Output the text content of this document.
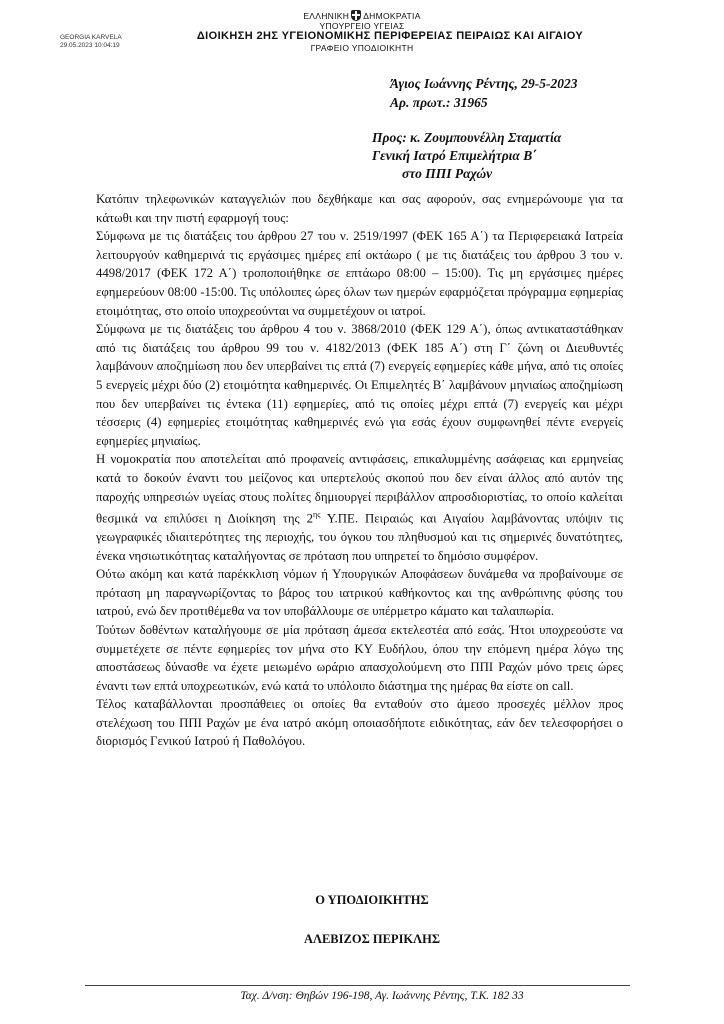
GEORGIA KARVELA
29.05.2023 10:04:19
ΕΛΛΗΝΙΚΗ ΔΗΜΟΚΡΑΤΙΑ
ΥΠΟΥΡΓΕΙΟ ΥΓΕΙΑΣ
ΔΙΟΙΚΗΣΗ 2ΗΣ ΥΓΕΙΟΝΟΜΙΚΗΣ ΠΕΡΙΦΕΡΕΙΑΣ ΠΕΙΡΑΙΩΣ ΚΑΙ ΑΙΓΑΙΟΥ
ΓΡΑΦΕΙΟ ΥΠΟΔΙΟΙΚΗΤΗ
Άγιος Ιωάννης Ρέντης, 29-5-2023
Αρ. πρωτ.: 31965
Προς: κ. Ζουμπουνέλλη Σταματία
Γενική Ιατρό Επιμελήτρια Β΄
στο ΠΠΙ Ραχών

Κατόπιν τηλεφωνικών καταγγελιών που δεχθήκαμε και σας αφορούν, σας ενημερώνουμε για τα κάτωθι και την πιστή εφαρμογή τους:

Σύμφωνα με τις διατάξεις του άρθρου 27 του ν. 2519/1997 (ΦΕΚ 165 Α΄) τα Περιφερειακά Ιατρεία λειτουργούν καθημερινά τις εργάσιμες ημέρες επί οκτάωρο ( με τις διατάξεις του άρθρου 3 του ν. 4498/2017 (ΦΕΚ 172 Α΄) τροποποιήθηκε σε επτάωρο 08:00 – 15:00). Τις μη εργάσιμες ημέρες εφημερεύουν 08:00 -15:00. Τις υπόλοιπες ώρες όλων των ημερών εφαρμόζεται πρόγραμμα εφημερίας ετοιμότητας, στο οποίο υποχρεούνται να συμμετέχουν οι ιατροί.

Σύμφωνα με τις διατάξεις του άρθρου 4 του ν. 3868/2010 (ΦΕΚ 129 Α΄), όπως αντικαταστάθηκαν από τις διατάξεις του άρθρου 99 του ν. 4182/2013 (ΦΕΚ 185 Α΄) στη Γ΄ ζώνη οι Διευθυντές λαμβάνουν αποζημίωση που δεν υπερβαίνει τις επτά (7) ενεργείς εφημερίες κάθε μήνα, από τις οποίες 5 ενεργείς μέχρι δύο (2) ετοιμότητα καθημερινές. Οι Επιμελητές Β΄ λαμβάνουν μηνιαίως αποζημίωση που δεν υπερβαίνει τις έντεκα (11) εφημερίες, από τις οποίες μέχρι επτά (7) ενεργείς και μέχρι τέσσερις (4) εφημερίες ετοιμότητας καθημερινές ενώ για εσάς έχουν συμφωνηθεί πέντε ενεργείς εφημερίες μηνιαίως.

Η νομοκρατία που αποτελείται από προφανείς αντιφάσεις, επικαλυμμένης ασάφειας και ερμηνείας κατά το δοκούν έναντι του μείζονος και υπερτελούς σκοπού που δεν είναι άλλος από αυτόν της παροχής υπηρεσιών υγείας στους πολίτες δημιουργεί περιβάλλον απροσδιοριστίας, το οποίο καλείται θεσμικά να επιλύσει η Διοίκηση της $2^{\eta\varsigma}$ Υ.ΠΕ. Πειραιώς και Αιγαίου λαμβάνοντας υπόψιν τις γεωγραφικές ιδιαιτερότητες της περιοχής, του όγκου του πληθυσμού και τις σημερινές δυνατότητες, ένεκα νησιωτικότητας καταλήγοντας σε πρόταση που υπηρετεί το δημόσιο συμφέρον.

Ούτω ακόμη και κατά παρέκκλιση νόμων ή Υπουργικών Αποφάσεων δυνάμεθα να προβαίνουμε σε πρόταση μη παραγνωρίζοντας το βάρος του ιατρικού καθήκοντος και της ανθρώπινης φύσης του ιατρού, ενώ δεν προτιθέμεθα να τον υποβάλλουμε σε υπέρμετρο κάματο και ταλαιπωρία.

Τούτων δοθέντων καταλήγουμε σε μία πρόταση άμεσα εκτελεστέα από εσάς. Ήτοι υποχρεούστε να συμμετέχετε σε πέντε εφημερίες τον μήνα στο ΚΥ Ευδήλου, όπου την επόμενη ημέρα λόγω της αποστάσεως δύνασθε να έχετε μειωμένο ωράριο απασχολούμενη στο ΠΠΙ Ραχών μόνο τρεις ώρες έναντι των επτά υποχρεωτικών, ενώ κατά το υπόλοιπο διάστημα της ημέρας θα είστε on call.

Τέλος καταβάλλονται προσπάθειες οι οποίες θα ενταθούν στο άμεσο προσεχές μέλλον προς στελέχωση του ΠΠΙ Ραχών με ένα ιατρό ακόμη οποιασδήποτε ειδικότητας, εάν δεν τελεσφορήσει ο διορισμός Γενικού Ιατρού ή Παθολόγου.

Ο ΥΠΟΔΙΟΙΚΗΤΗΣ
ΑΛΕΒΙΖΟΣ ΠΕΡΙΚΛΗΣ
Ταχ. Δ/νση: Θηβών 196-198, Αγ. Ιωάννης Ρέντης, Τ.Κ. 182 33
